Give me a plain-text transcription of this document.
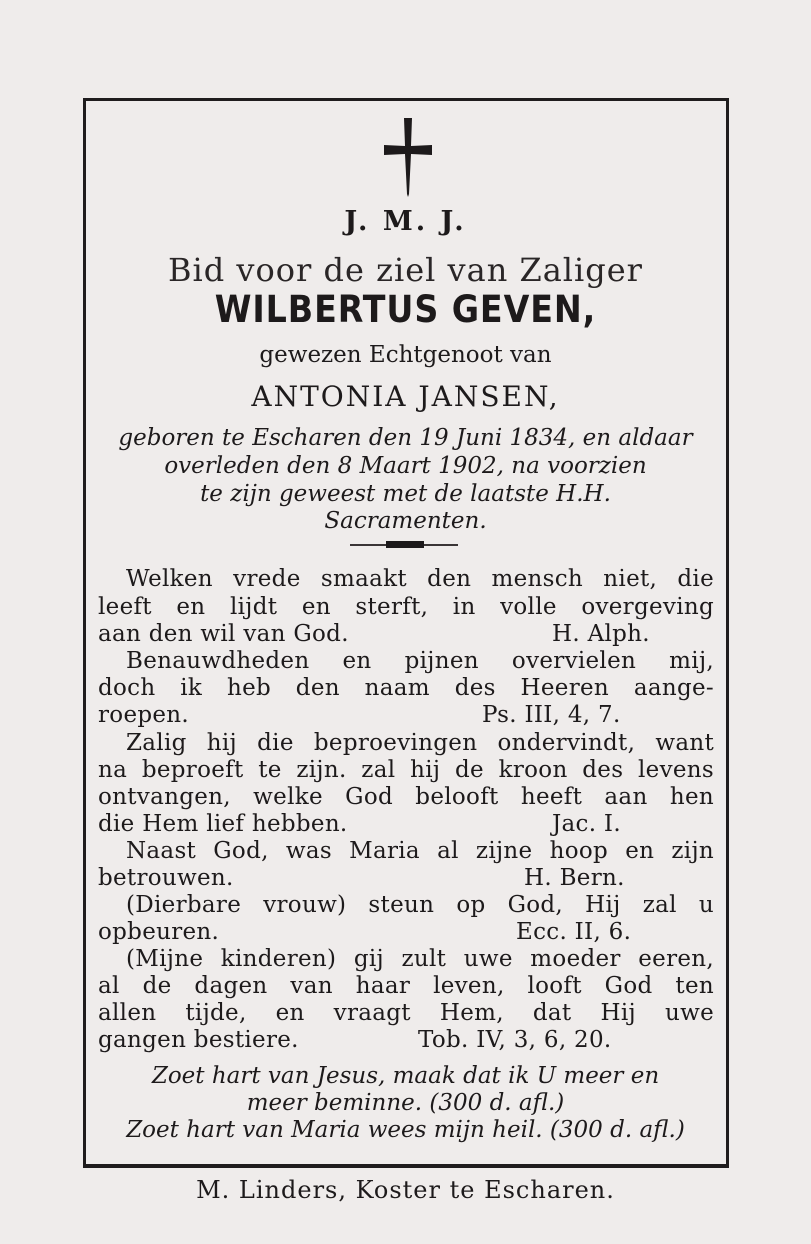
J. M. J.
Bid voor de ziel van Zaliger
WILBERTUS GEVEN,
gewezen Echtgenoot van
ANTONIA JANSEN,
geboren te Escharen den 19 Juni 1834, en aldaar
overleden den 8 Maart 1902, na voorzien
te zijn geweest met de laatste H.H.
Sacramenten.
Welken vrede smaakt den mensch niet, die
leeft en lijdt en sterft, in volle overgeving
aan den wil van God.	H. Alph.
Benauwdheden en pijnen overvielen mij,
doch ik heb den naam des Heeren aange-
roepen.	Ps. III, 4, 7.
Zalig hij die beproevingen ondervindt, want
na beproeft te zijn. zal hij de kroon des levens
ontvangen, welke God belooft heeft aan hen
die Hem lief hebben.	Jac. I.
Naast God, was Maria al zijne hoop en zijn
betrouwen.	H. Bern.
(Dierbare vrouw) steun op God, Hij zal u
opbeuren.	Ecc. II, 6.
(Mijne kinderen) gij zult uwe moeder eeren,
al de dagen van haar leven, looft God ten
allen tijde, en vraagt Hem, dat Hij uwe
gangen bestiere.	Tob. IV, 3, 6, 20.
Zoet hart van Jesus, maak dat ik U meer en
meer beminne. (300 d. afl.)
Zoet hart van Maria wees mijn heil. (300 d. afl.)
M. Linders, Koster te Escharen.
